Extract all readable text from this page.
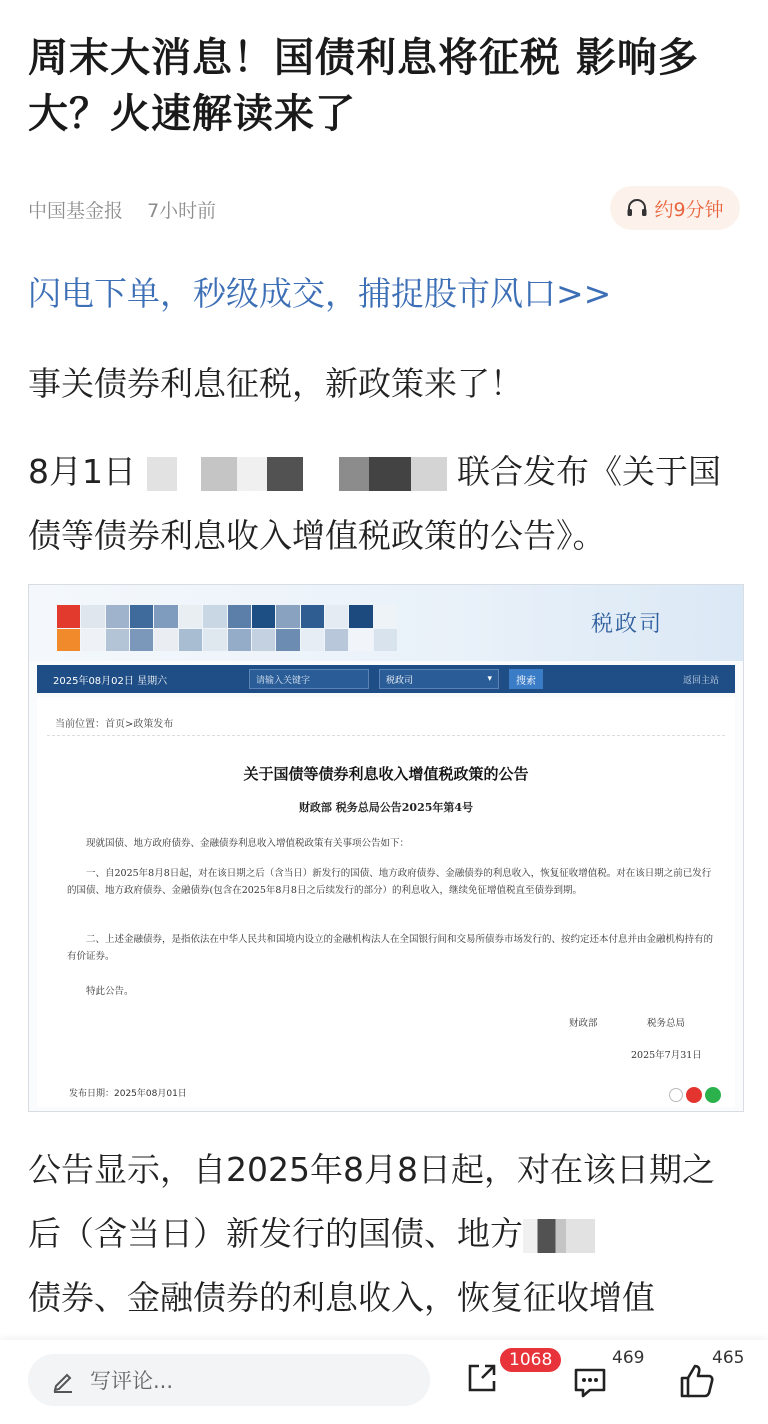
周末大消息！国债利息将征税 影响多大？火速解读来了
中国基金报 7小时前	约9分钟
闪电下单，秒级成交，捕捉股市风口>>
事关债券利息征税，新政策来了！
8月1日	联合发布《关于国债等债券利息收入增值税政策的公告》。
税政司
2025年08月02日 星期六	请输入关键字	税政司	▾	搜索	返回主站
当前位置：首页>政策发布
关于国债等债券利息收入增值税政策的公告
财政部 税务总局公告2025年第4号
现就国债、地方政府债券、金融债券利息收入增值税政策有关事项公告如下：
一、自2025年8月8日起，对在该日期之后（含当日）新发行的国债、地方政府债券、金融债券的利息收入，恢复征收增值税。对在该日期之前已发行的国债、地方政府债券、金融债券(包含在2025年8月8日之后续发行的部分）的利息收入，继续免征增值税直至债券到期。
二、上述金融债券，是指依法在中华人民共和国境内设立的金融机构法人在全国银行间和交易所债券市场发行的、按约定还本付息并由金融机构持有的有价证券。
特此公告。
财政部	税务总局
2025年7月31日
发布日期：2025年08月01日
公告显示，自2025年8月8日起，对在该日期之后（含当日）新发行的国债、地方
债券、金融债券的利息收入，恢复征收增值
写评论...
1068	469	465
